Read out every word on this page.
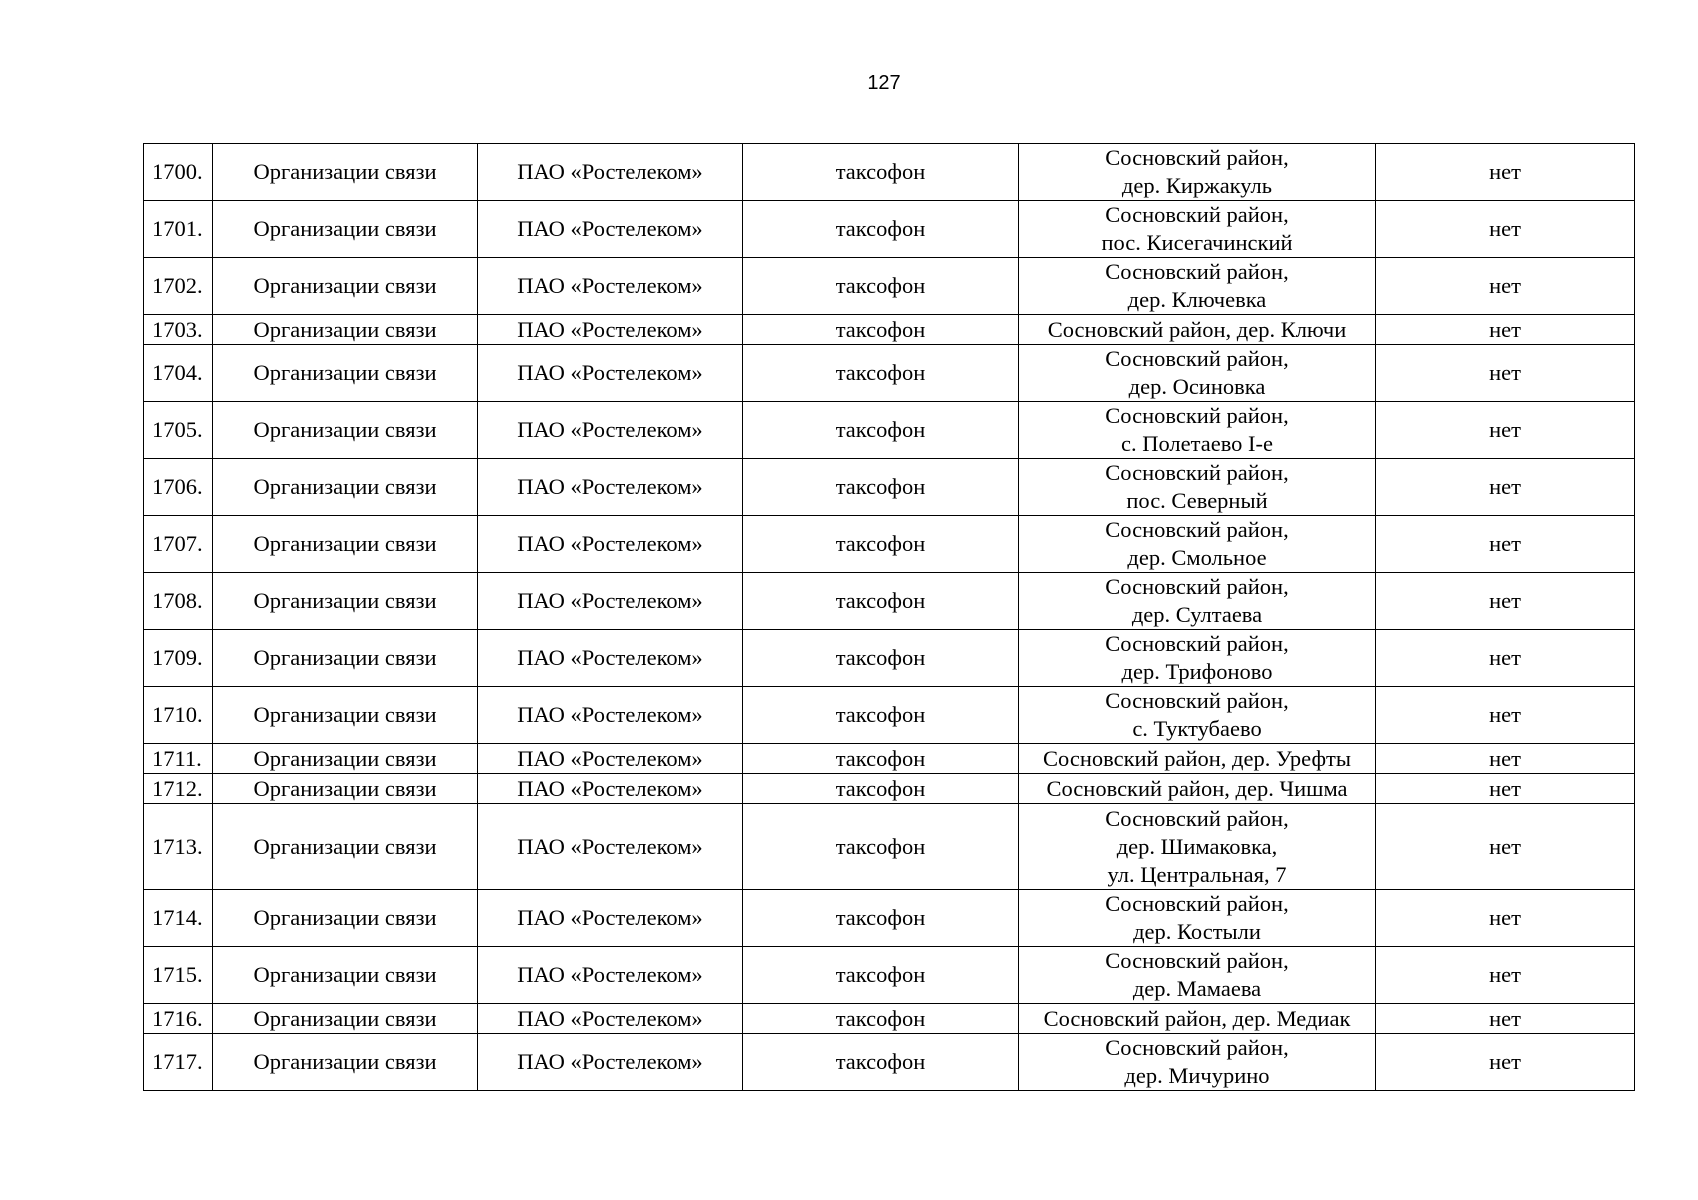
127
1700.	Организации связи	ПАО «Ростелеком»	таксофон	Сосновский район,
дер. Киржакуль	нет
1701.	Организации связи	ПАО «Ростелеком»	таксофон	Сосновский район,
пос. Кисегачинский	нет
1702.	Организации связи	ПАО «Ростелеком»	таксофон	Сосновский район,
дер. Ключевка	нет
1703.	Организации связи	ПАО «Ростелеком»	таксофон	Сосновский район, дер. Ключи	нет
1704.	Организации связи	ПАО «Ростелеком»	таксофон	Сосновский район,
дер. Осиновка	нет
1705.	Организации связи	ПАО «Ростелеком»	таксофон	Сосновский район,
с. Полетаево I-е	нет
1706.	Организации связи	ПАО «Ростелеком»	таксофон	Сосновский район,
пос. Северный	нет
1707.	Организации связи	ПАО «Ростелеком»	таксофон	Сосновский район,
дер. Смольное	нет
1708.	Организации связи	ПАО «Ростелеком»	таксофон	Сосновский район,
дер. Султаева	нет
1709.	Организации связи	ПАО «Ростелеком»	таксофон	Сосновский район,
дер. Трифоново	нет
1710.	Организации связи	ПАО «Ростелеком»	таксофон	Сосновский район,
с. Туктубаево	нет
1711.	Организации связи	ПАО «Ростелеком»	таксофон	Сосновский район, дер. Урефты	нет
1712.	Организации связи	ПАО «Ростелеком»	таксофон	Сосновский район, дер. Чишма	нет
1713.	Организации связи	ПАО «Ростелеком»	таксофон	Сосновский район,
дер. Шимаковка,
ул. Центральная, 7	нет
1714.	Организации связи	ПАО «Ростелеком»	таксофон	Сосновский район,
дер. Костыли	нет
1715.	Организации связи	ПАО «Ростелеком»	таксофон	Сосновский район,
дер. Мамаева	нет
1716.	Организации связи	ПАО «Ростелеком»	таксофон	Сосновский район, дер. Медиак	нет
1717.	Организации связи	ПАО «Ростелеком»	таксофон	Сосновский район,
дер. Мичурино	нет
